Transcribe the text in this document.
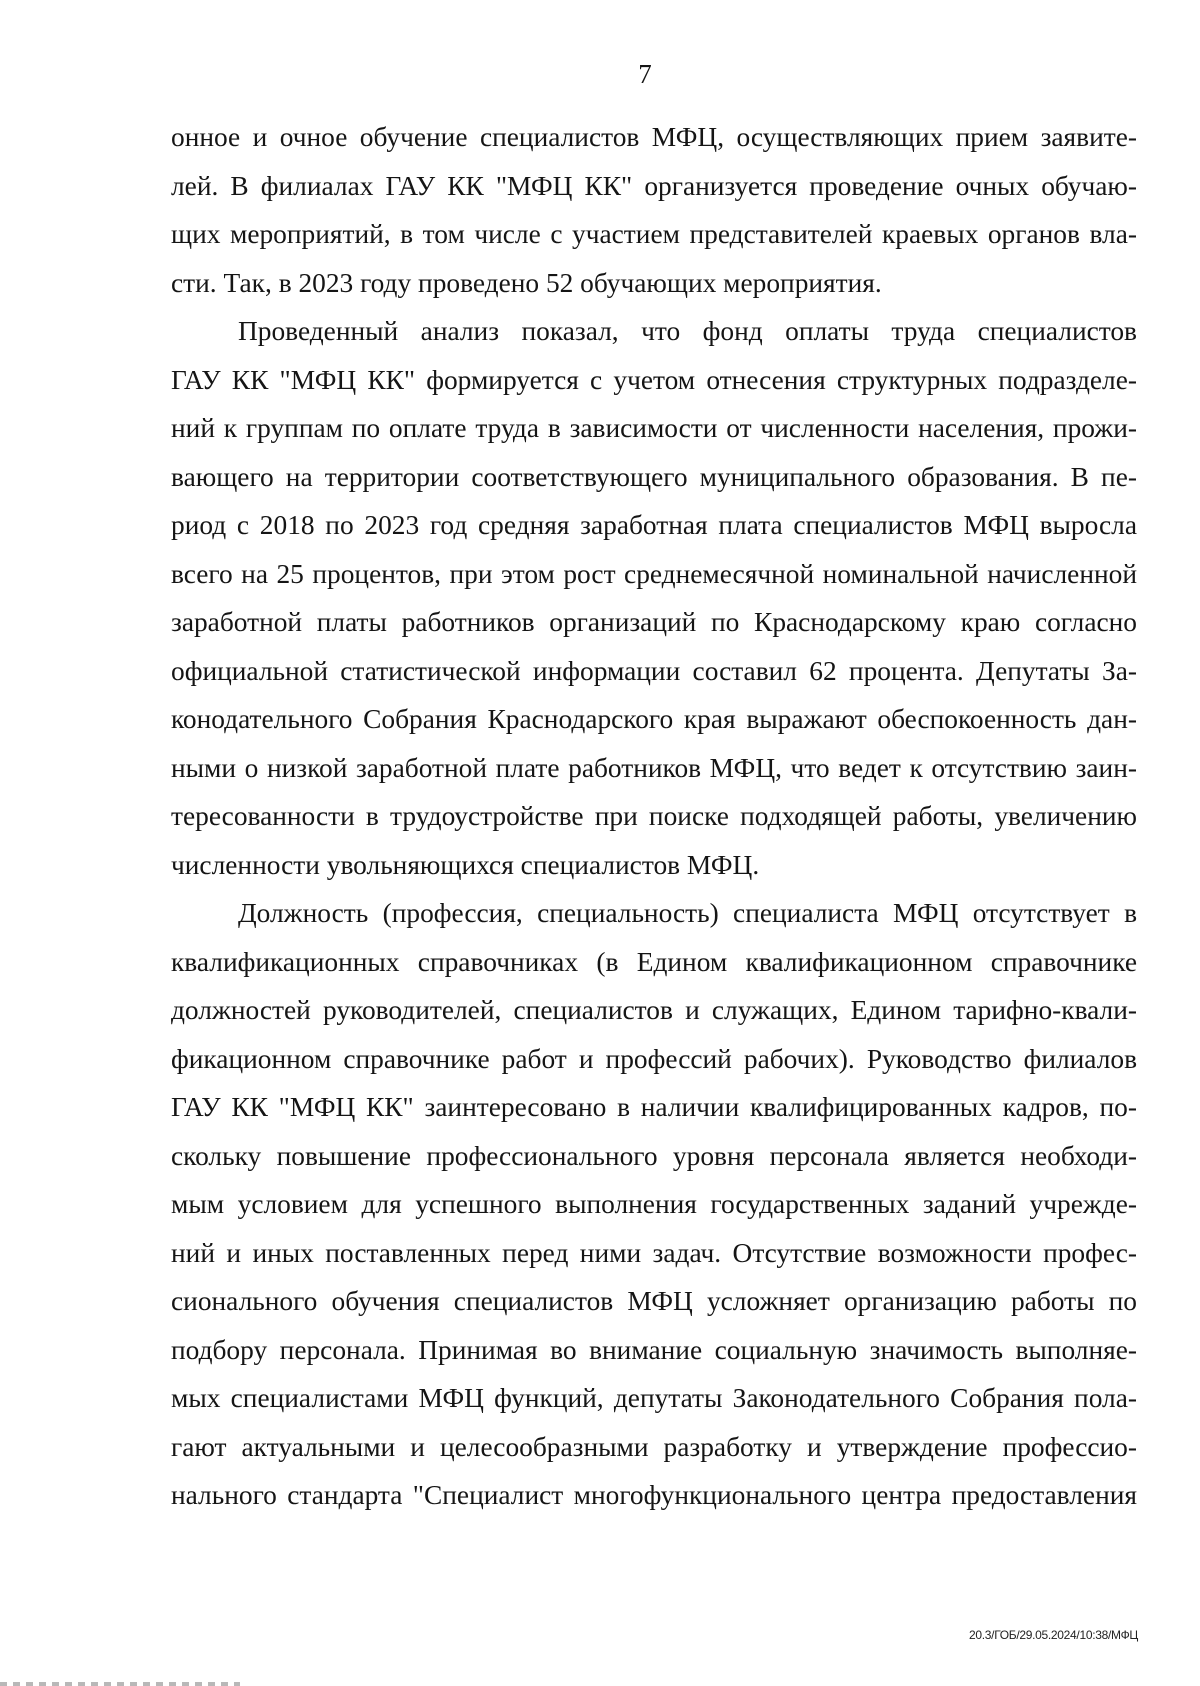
7
онное и очное обучение специалистов МФЦ, осуществляющих прием заявите-
лей. В филиалах ГАУ КК "МФЦ КК" организуется проведение очных обучаю-
щих мероприятий, в том числе с участием представителей краевых органов вла-
сти. Так, в 2023 году проведено 52 обучающих мероприятия.
Проведенный анализ показал, что фонд оплаты труда специалистов
ГАУ КК "МФЦ КК" формируется с учетом отнесения структурных подразделе-
ний к группам по оплате труда в зависимости от численности населения, прожи-
вающего на территории соответствующего муниципального образования. В пе-
риод с 2018 по 2023 год средняя заработная плата специалистов МФЦ выросла
всего на 25 процентов, при этом рост среднемесячной номинальной начисленной
заработной платы работников организаций по Краснодарскому краю согласно
официальной статистической информации составил 62 процента. Депутаты За-
конодательного Собрания Краснодарского края выражают обеспокоенность дан-
ными о низкой заработной плате работников МФЦ, что ведет к отсутствию заин-
тересованности в трудоустройстве при поиске подходящей работы, увеличению
численности увольняющихся специалистов МФЦ.
Должность (профессия, специальность) специалиста МФЦ отсутствует в
квалификационных справочниках (в Едином квалификационном справочнике
должностей руководителей, специалистов и служащих, Едином тарифно-квали-
фикационном справочнике работ и профессий рабочих). Руководство филиалов
ГАУ КК "МФЦ КК" заинтересовано в наличии квалифицированных кадров, по-
скольку повышение профессионального уровня персонала является необходи-
мым условием для успешного выполнения государственных заданий учрежде-
ний и иных поставленных перед ними задач. Отсутствие возможности профес-
сионального обучения специалистов МФЦ усложняет организацию работы по
подбору персонала. Принимая во внимание социальную значимость выполняе-
мых специалистами МФЦ функций, депутаты Законодательного Собрания пола-
гают актуальными и целесообразными разработку и утверждение профессио-
нального стандарта "Специалист многофункционального центра предоставления
20.3/ГОБ/29.05.2024/10:38/МФЦ
